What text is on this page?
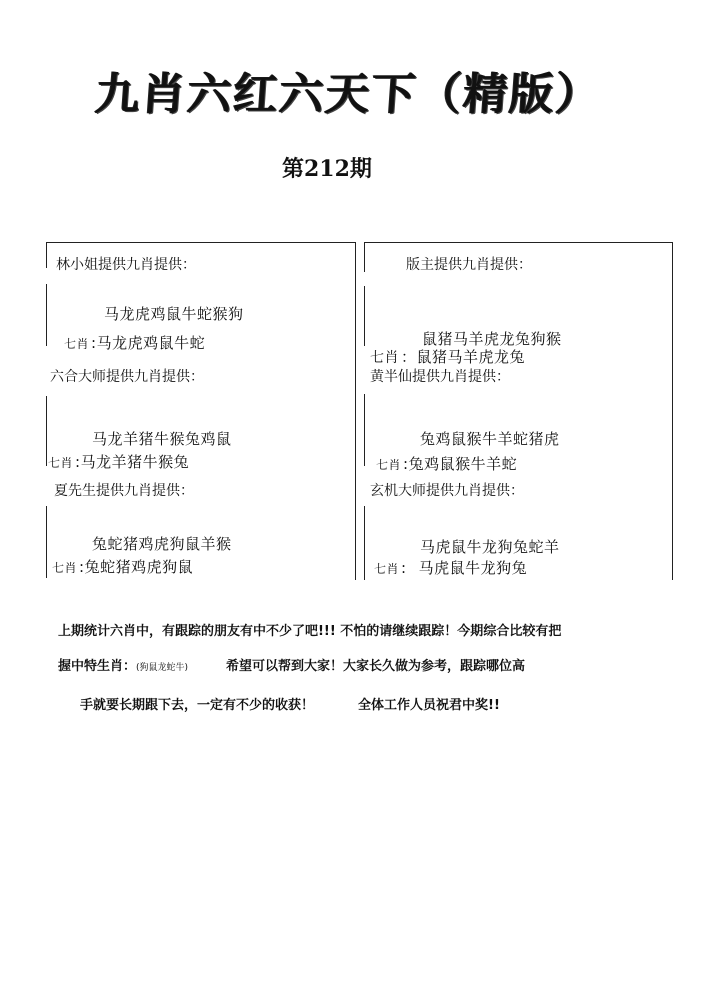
九肖六红六天下（精版）
第212期
林小姐提供九肖提供：
马龙虎鸡鼠牛蛇猴狗
七肖 :马龙虎鸡鼠牛蛇
版主提供九肖提供：
鼠猪马羊虎龙兔狗猴
七肖 ：鼠猪马羊虎龙兔
六合大师提供九肖提供：
马龙羊猪牛猴兔鸡鼠
七肖 :马龙羊猪牛猴兔
黄半仙提供九肖提供：
兔鸡鼠猴牛羊蛇猪虎
七肖 :兔鸡鼠猴牛羊蛇
夏先生提供九肖提供：
兔蛇猪鸡虎狗鼠羊猴
七肖 :兔蛇猪鸡虎狗鼠
玄机大师提供九肖提供：
马虎鼠牛龙狗兔蛇羊
七肖 : 马虎鼠牛龙狗兔
上期统计六肖中，有跟踪的朋友有中不少了吧!!! 不怕的请继续跟踪！今期综合比较有把
握中特生肖：(狗鼠龙蛇牛)	希望可以帮到大家！大家长久做为参考，跟踪哪位高
手就要长期跟下去，一定有不少的收获！	全体工作人员祝君中奖!!
